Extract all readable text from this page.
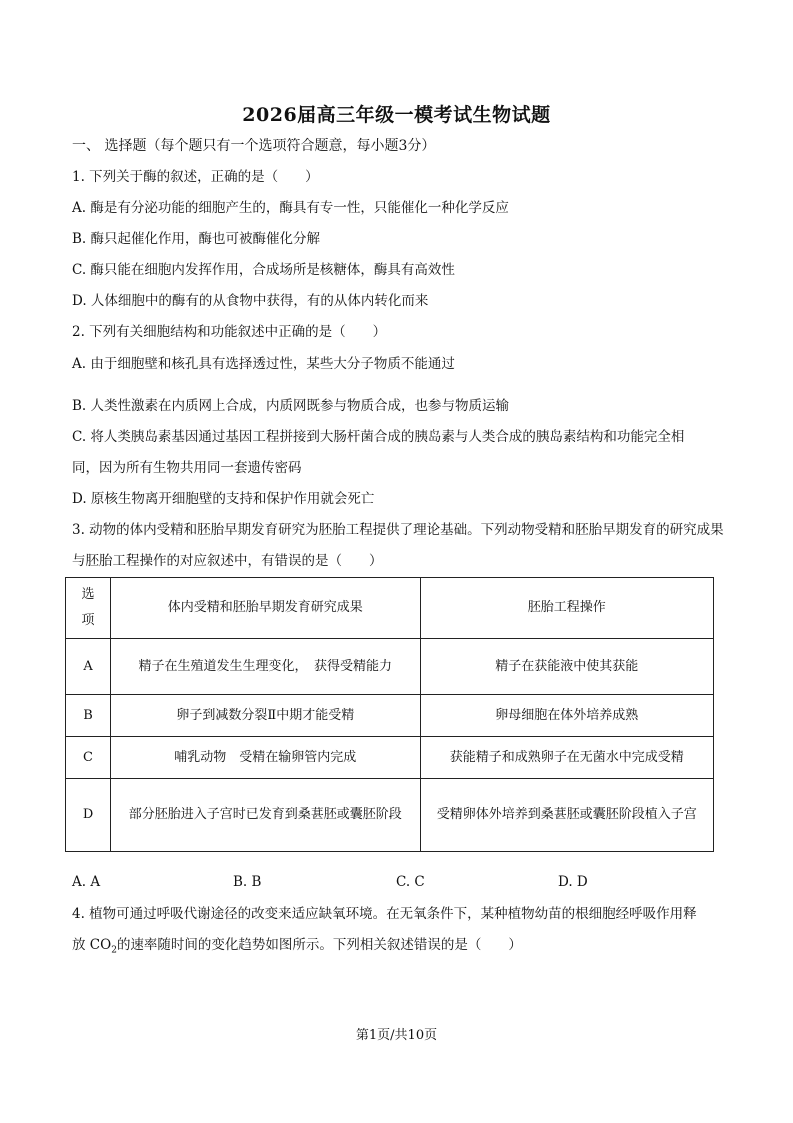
2026届高三年级一模考试生物试题
一、 选择题（每个题只有一个选项符合题意，每小题3分）
1. 下列关于酶的叙述，正确的是（　　）
A. 酶是有分泌功能的细胞产生的，酶具有专一性，只能催化一种化学反应
B. 酶只起催化作用，酶也可被酶催化分解
C. 酶只能在细胞内发挥作用，合成场所是核糖体，酶具有高效性
D. 人体细胞中的酶有的从食物中获得，有的从体内转化而来
2. 下列有关细胞结构和功能叙述中正确的是（　　）
A. 由于细胞壁和核孔具有选择透过性，某些大分子物质不能通过
B. 人类性激素在内质网上合成，内质网既参与物质合成，也参与物质运输
C. 将人类胰岛素基因通过基因工程拼接到大肠杆菌合成的胰岛素与人类合成的胰岛素结构和功能完全相
同，因为所有生物共用同一套遗传密码
D. 原核生物离开细胞壁的支持和保护作用就会死亡
3. 动物的体内受精和胚胎早期发育研究为胚胎工程提供了理论基础。下列动物受精和胚胎早期发育的研究成果
与胚胎工程操作的对应叙述中，有错误的是（　　）
选项	体内受精和胚胎早期发育研究成果	胚胎工程操作
A	精子在生殖道发生生理变化，　获得受精能力	精子在获能液中使其获能
B	卵子到减数分裂Ⅱ中期才能受精	卵母细胞在体外培养成熟
C	哺乳动物　受精在输卵管内完成	获能精子和成熟卵子在无菌水中完成受精
D	部分胚胎进入子宫时已发育到桑葚胚或囊胚阶段	受精卵体外培养到桑葚胚或囊胚阶段植入子宫
A. A	B. B	C. C	D. D
4. 植物可通过呼吸代谢途径的改变来适应缺氧环境。在无氧条件下，某种植物幼苗的根细胞经呼吸作用释
放 $CO_2$的速率随时间的变化趋势如图所示。下列相关叙述错误的是（　　）
第1页/共10页
